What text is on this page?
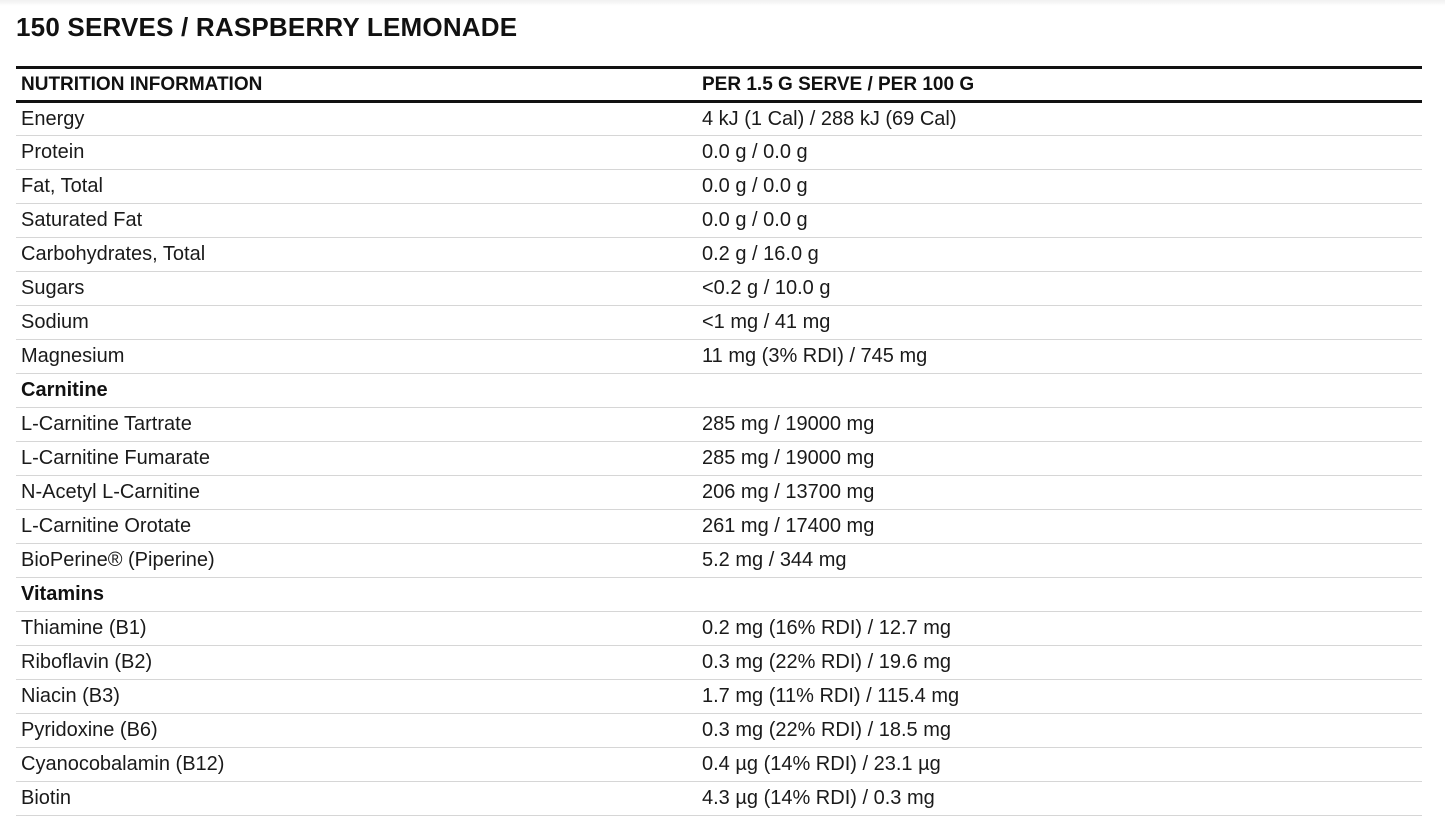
150 SERVES / RASPBERRY LEMONADE
NUTRITION INFORMATION	PER 1.5 G SERVE / PER 100 G
Energy	4 kJ (1 Cal) / 288 kJ (69 Cal)
Protein	0.0 g / 0.0 g
Fat, Total	0.0 g / 0.0 g
Saturated Fat	0.0 g / 0.0 g
Carbohydrates, Total	0.2 g / 16.0 g
Sugars	<0.2 g / 10.0 g
Sodium	<1 mg / 41 mg
Magnesium	11 mg (3% RDI) / 745 mg
Carnitine	
L-Carnitine Tartrate	285 mg / 19000 mg
L-Carnitine Fumarate	285 mg / 19000 mg
N-Acetyl L-Carnitine	206 mg / 13700 mg
L-Carnitine Orotate	261 mg / 17400 mg
BioPerine® (Piperine)	5.2 mg / 344 mg
Vitamins	
Thiamine (B1)	0.2 mg (16% RDI) / 12.7 mg
Riboflavin (B2)	0.3 mg (22% RDI) / 19.6 mg
Niacin (B3)	1.7 mg (11% RDI) / 115.4 mg
Pyridoxine (B6)	0.3 mg (22% RDI) / 18.5 mg
Cyanocobalamin (B12)	0.4 µg (14% RDI) / 23.1 µg
Biotin	4.3 µg (14% RDI) / 0.3 mg
